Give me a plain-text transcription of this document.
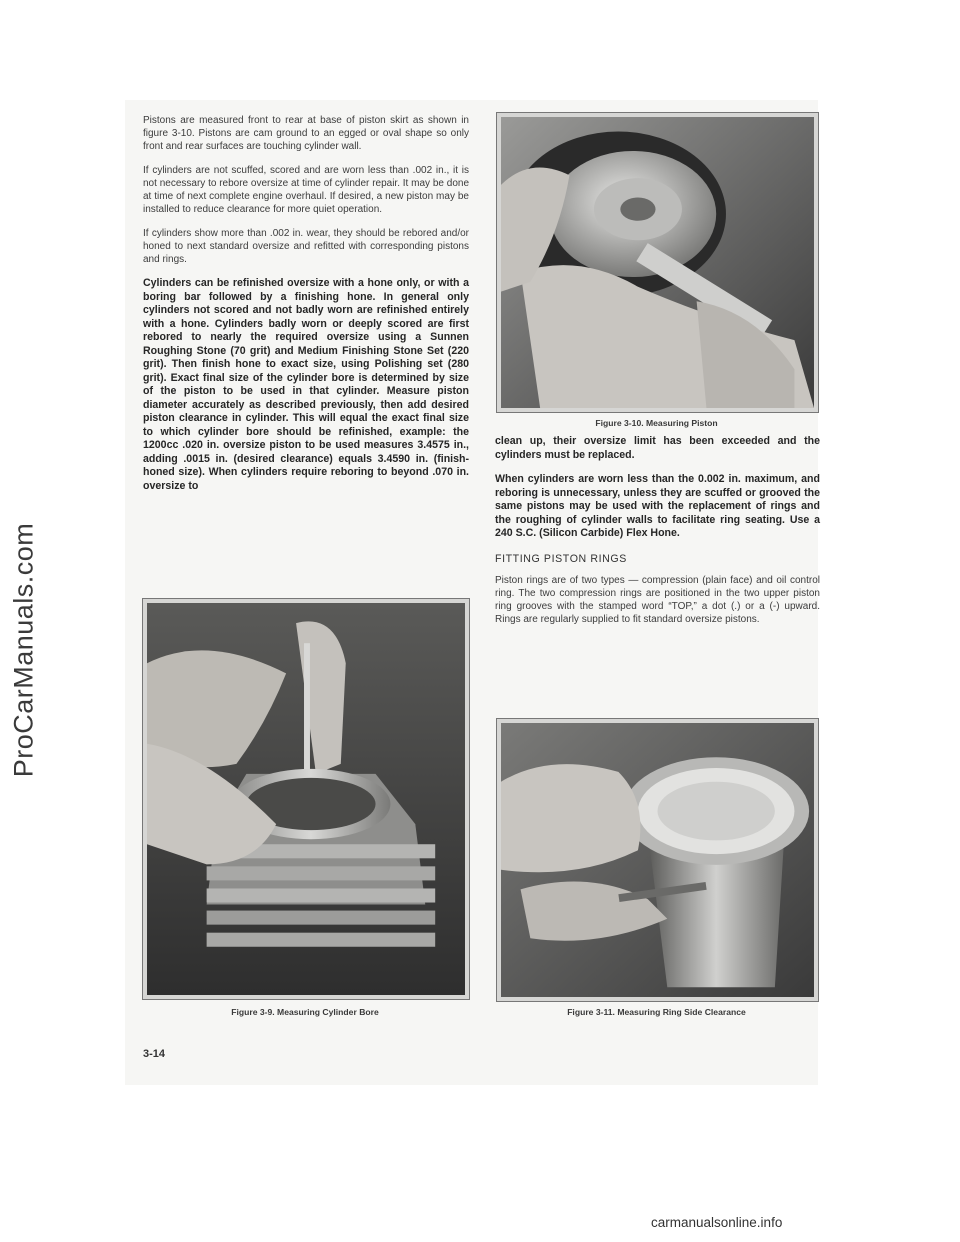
ProCarManuals.com

Pistons are measured front to rear at base of piston skirt as shown in figure 3-10. Pistons are cam ground to an egged or oval shape so only front and rear surfaces are touching cylinder wall.

If cylinders are not scuffed, scored and are worn less than .002 in., it is not necessary to rebore oversize at time of cylinder repair. It may be done at time of next complete engine overhaul. If desired, a new piston may be installed to reduce clearance for more quiet operation.

If cylinders show more than .002 in. wear, they should be rebored and/or honed to next standard oversize and refitted with corresponding pistons and rings.

Cylinders can be refinished oversize with a hone only, or with a boring bar followed by a finishing hone. In general only cylinders not scored and not badly worn are refinished entirely with a hone. Cylinders badly worn or deeply scored are first rebored to nearly the required oversize using a Sunnen Roughing Stone (70 grit) and Medium Finishing Stone Set (220 grit). Then finish hone to exact size, using Polishing set (280 grit). Exact final size of the cylinder bore is determined by size of the piston to be used in that cylinder. Measure piston diameter accurately as described previously, then add desired piston clearance in cylinder. This will equal the exact final size to which cylinder bore should be refinished, example: the 1200cc .020 in. oversize piston to be used measures 3.4575 in., adding .0015 in. (desired clearance) equals 3.4590 in. (finish-honed size). When cylinders require reboring to beyond .070 in. oversize to

Figure 3-10. Measuring Piston

clean up, their oversize limit has been exceeded and the cylinders must be replaced.

When cylinders are worn less than the 0.002 in. maximum, and reboring is unnecessary, unless they are scuffed or grooved the same pistons may be used with the replacement of rings and the roughing of cylinder walls to facilitate ring seating. Use a 240 S.C. (Silicon Carbide) Flex Hone.

FITTING PISTON RINGS

Piston rings are of two types — compression (plain face) and oil control ring. The two compression rings are positioned in the two upper piston ring grooves with the stamped word “TOP,” a dot (.) or a (-) upward. Rings are regularly supplied to fit standard oversize pistons.

Figure 3-9. Measuring Cylinder Bore	Figure 3-11. Measuring Ring Side Clearance
3-14
carmanualsonline.info
